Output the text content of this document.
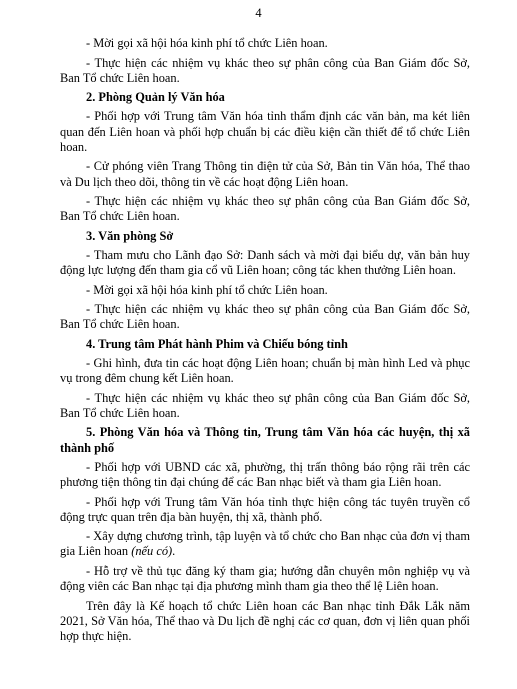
4

- Mời gọi xã hội hóa kinh phí tổ chức Liên hoan.

- Thực hiện các nhiệm vụ khác theo sự phân công của Ban Giám đốc Sở, Ban Tổ chức Liên hoan.

2. Phòng Quản lý Văn hóa

- Phối hợp với Trung tâm Văn hóa tỉnh thẩm định các văn bản, ma két liên quan đến Liên hoan và phối hợp chuẩn bị các điều kiện cần thiết để tổ chức Liên hoan.

- Cử phóng viên Trang Thông tin điện tử của Sở, Bản tin Văn hóa, Thể thao và Du lịch theo dõi, thông tin về các hoạt động Liên hoan.

- Thực hiện các nhiệm vụ khác theo sự phân công của Ban Giám đốc Sở, Ban Tổ chức Liên hoan.

3. Văn phòng Sở

- Tham mưu cho Lãnh đạo Sở: Danh sách và mời đại biểu dự, văn bản huy động lực lượng đến tham gia cổ vũ Liên hoan; công tác khen thưởng Liên hoan.

- Mời gọi xã hội hóa kinh phí tổ chức Liên hoan.

- Thực hiện các nhiệm vụ khác theo sự phân công của Ban Giám đốc Sở, Ban Tổ chức Liên hoan.

4. Trung tâm Phát hành Phim và Chiếu bóng tỉnh

- Ghi hình, đưa tin các hoạt động Liên hoan; chuẩn bị màn hình Led và phục vụ trong đêm chung kết Liên hoan.

- Thực hiện các nhiệm vụ khác theo sự phân công của Ban Giám đốc Sở, Ban Tổ chức Liên hoan.

5. Phòng Văn hóa và Thông tin, Trung tâm Văn hóa các huyện, thị xã thành phố

- Phối hợp với UBND các xã, phường, thị trấn thông báo rộng rãi trên các phương tiện thông tin đại chúng để các Ban nhạc biết và tham gia Liên hoan.

- Phối hợp với Trung tâm Văn hóa tỉnh thực hiện công tác tuyên truyền cổ động trực quan trên địa bàn huyện, thị xã, thành phố.

- Xây dựng chương trình, tập luyện và tổ chức cho Ban nhạc của đơn vị tham gia Liên hoan (nếu có).

- Hỗ trợ về thủ tục đăng ký tham gia; hướng dẫn chuyên môn nghiệp vụ và động viên các Ban nhạc tại địa phương mình tham gia theo thể lệ Liên hoan.

Trên đây là Kế hoạch tổ chức Liên hoan các Ban nhạc tỉnh Đắk Lắk năm 2021, Sở Văn hóa, Thể thao và Du lịch đề nghị các cơ quan, đơn vị liên quan phối hợp thực hiện.
